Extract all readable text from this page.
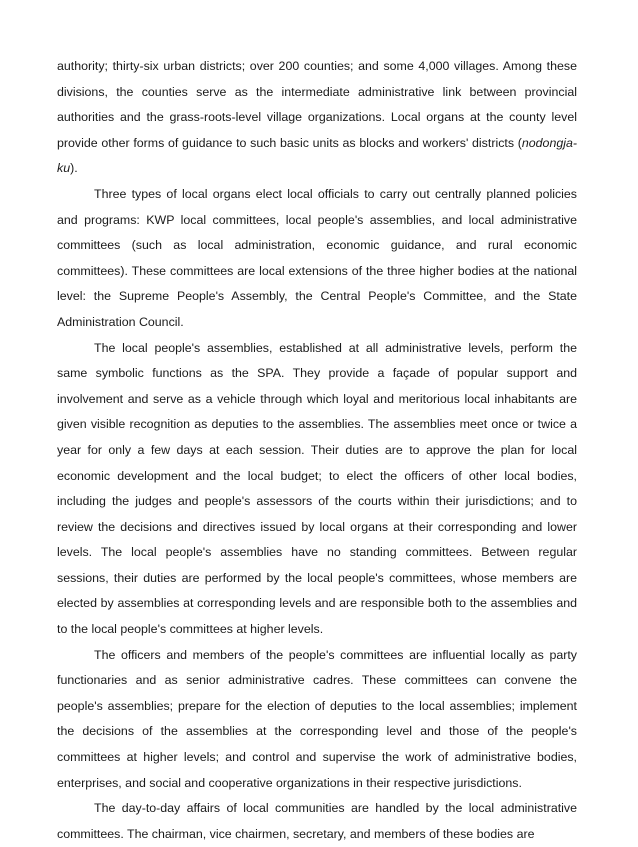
authority; thirty-six urban districts; over 200 counties; and some 4,000 villages. Among these divisions, the counties serve as the intermediate administrative link between provincial authorities and the grass-roots-level village organizations. Local organs at the county level provide other forms of guidance to such basic units as blocks and workers' districts (nodongja-ku).

Three types of local organs elect local officials to carry out centrally planned policies and programs: KWP local committees, local people's assemblies, and local administrative committees (such as local administration, economic guidance, and rural economic committees). These committees are local extensions of the three higher bodies at the national level: the Supreme People's Assembly, the Central People's Committee, and the State Administration Council.

The local people's assemblies, established at all administrative levels, perform the same symbolic functions as the SPA. They provide a façade of popular support and involvement and serve as a vehicle through which loyal and meritorious local inhabitants are given visible recognition as deputies to the assemblies. The assemblies meet once or twice a year for only a few days at each session. Their duties are to approve the plan for local economic development and the local budget; to elect the officers of other local bodies, including the judges and people's assessors of the courts within their jurisdictions; and to review the decisions and directives issued by local organs at their corresponding and lower levels. The local people's assemblies have no standing committees. Between regular sessions, their duties are performed by the local people's committees, whose members are elected by assemblies at corresponding levels and are responsible both to the assemblies and to the local people's committees at higher levels.

The officers and members of the people's committees are influential locally as party functionaries and as senior administrative cadres. These committees can convene the people's assemblies; prepare for the election of deputies to the local assemblies; implement the decisions of the assemblies at the corresponding level and those of the people's committees at higher levels; and control and supervise the work of administrative bodies, enterprises, and social and cooperative organizations in their respective jurisdictions.

The day-to-day affairs of local communities are handled by the local administrative committees. The chairman, vice chairmen, secretary, and members of these bodies are
